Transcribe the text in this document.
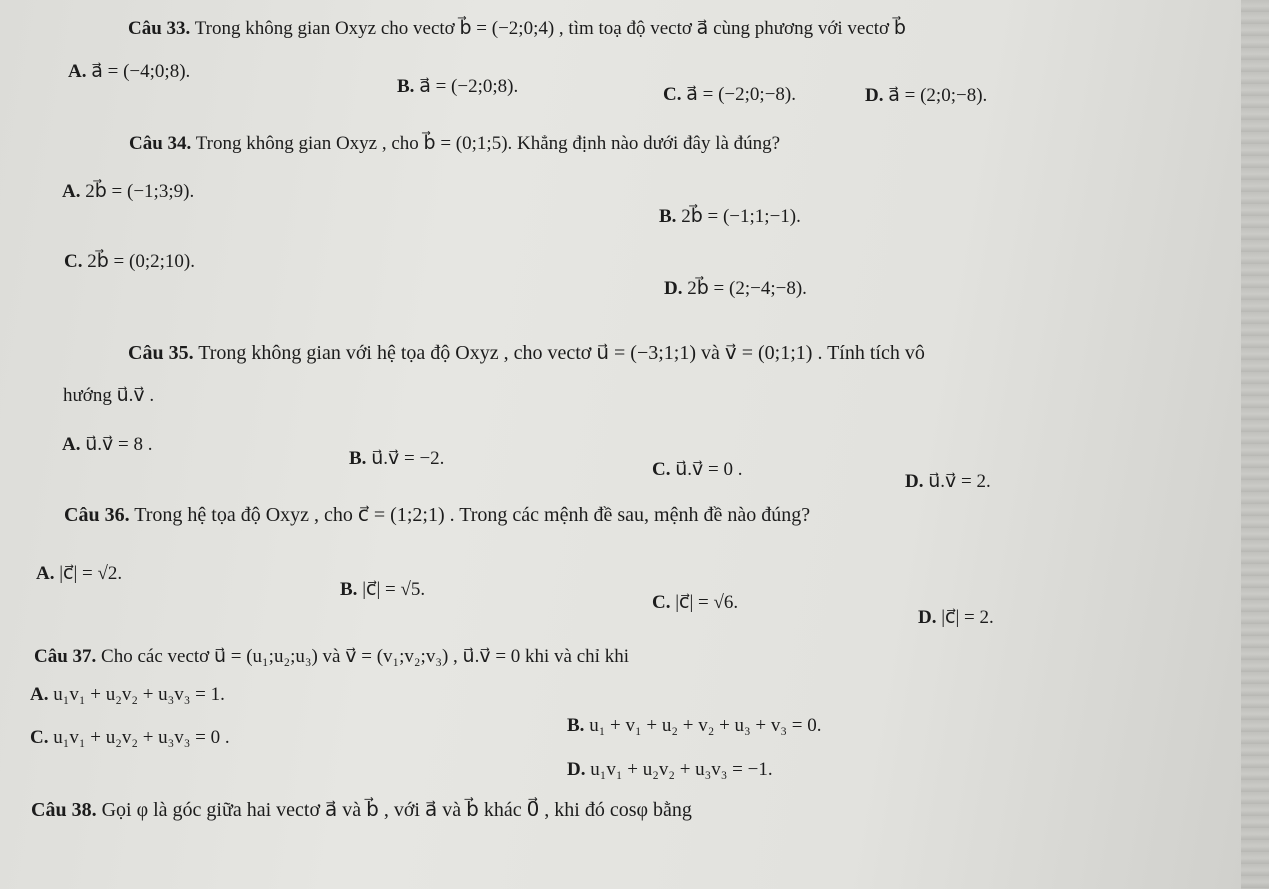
Câu 33. Trong không gian Oxyz cho vectơ b⃗ = (−2;0;4) , tìm toạ độ vectơ a⃗ cùng phương với vectơ b⃗
A. a⃗ = (−4;0;8).
B. a⃗ = (−2;0;8).	C. a⃗ = (−2;0;−8).	D. a⃗ = (2;0;−8).
Câu 34. Trong không gian Oxyz , cho b⃗ = (0;1;5). Khẳng định nào dưới đây là đúng?
A. 2b⃗ = (−1;3;9).
B. 2b⃗ = (−1;1;−1).
C. 2b⃗ = (0;2;10).
D. 2b⃗ = (2;−4;−8).
Câu 35. Trong không gian với hệ tọa độ Oxyz , cho vectơ u⃗ = (−3;1;1) và v⃗ = (0;1;1) . Tính tích vô
hướng u⃗.v⃗ .
A. u⃗.v⃗ = 8 .
B. u⃗.v⃗ = −2.
C. u⃗.v⃗ = 0 .
D. u⃗.v⃗ = 2.
Câu 36. Trong hệ tọa độ Oxyz , cho c⃗ = (1;2;1) . Trong các mệnh đề sau, mệnh đề nào đúng?
A. |c⃗| = √2.
B. |c⃗| = √5.
C. |c⃗| = √6.
D. |c⃗| = 2.
Câu 37. Cho các vectơ u⃗ = (u₁;u₂;u₃) và v⃗ = (v₁;v₂;v₃) , u⃗.v⃗ = 0 khi và chỉ khi
A. u₁v₁ + u₂v₂ + u₃v₃ = 1.
B. u₁ + v₁ + u₂ + v₂ + u₃ + v₃ = 0.
C. u₁v₁ + u₂v₂ + u₃v₃ = 0 .
D. u₁v₁ + u₂v₂ + u₃v₃ = −1.
Câu 38. Gọi φ là góc giữa hai vectơ a⃗ và b⃗ , với a⃗ và b⃗ khác 0⃗ , khi đó cosφ bằng
